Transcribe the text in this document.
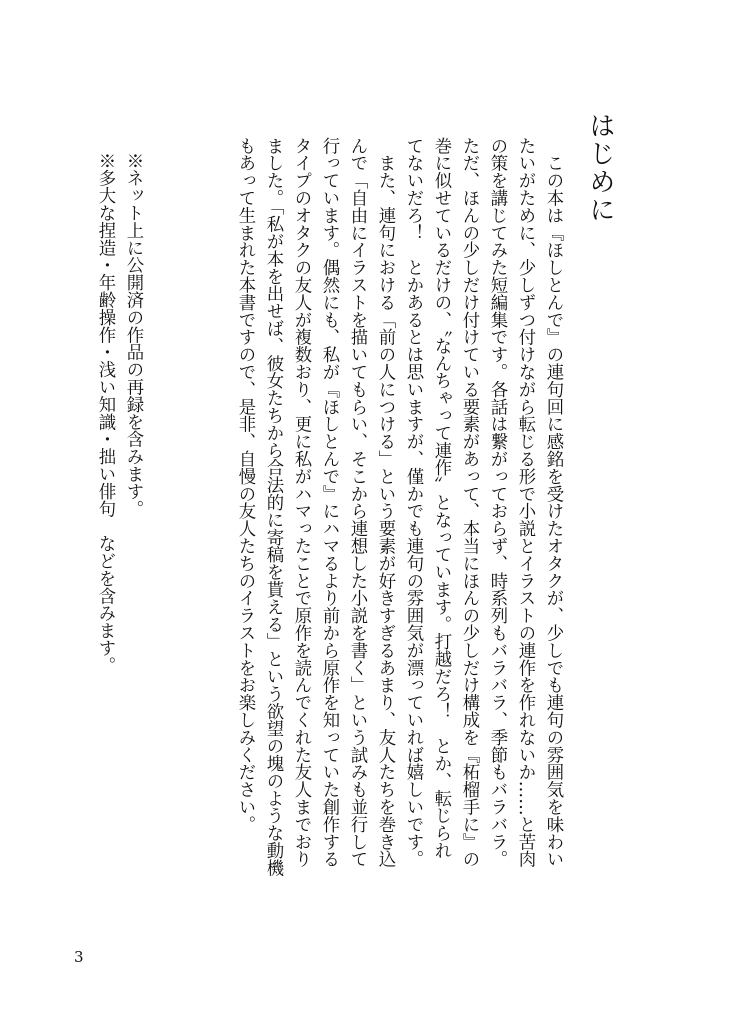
はじめに

　この本は『ほしとんで』の連句回に感銘を受けたオタクが、少しでも連句の雰囲気を味わい

たいがために、少しずつ付けながら転じる形で小説とイラストの連作を作れないか……と苦肉

の策を講じてみた短編集です。各話は繋がっておらず、時系列もバラバラ、季節もバラバラ。

ただ、ほんの少しだけ付けている要素があって、本当にほんの少しだけ構成を『柘榴手に』の

巻に似せているだけの、〝なんちゃって連作〟となっています。打越だろ！　とか、転じられ

てないだろ！　とかあるとは思いますが、僅かでも連句の雰囲気が漂っていれば嬉しいです。

　また、連句における「前の人につける」という要素が好きすぎるあまり、友人たちを巻き込

んで「自由にイラストを描いてもらい、そこから連想した小説を書く」という試みも並行して

行っています。偶然にも、私が『ほしとんで』にハマるより前から原作を知っていた創作する

タイプのオタクの友人が複数おり、更に私がハマったことで原作を読んでくれた友人までおり

ました。「私が本を出せば、彼女たちから合法的に寄稿を貰える」という欲望の塊のような動機

もあって生まれた本書ですので、是非、自慢の友人たちのイラストをお楽しみください。

※ネット上に公開済の作品の再録を含みます。

※多大な捏造・年齢操作・浅い知識・拙い俳句　などを含みます。

3
